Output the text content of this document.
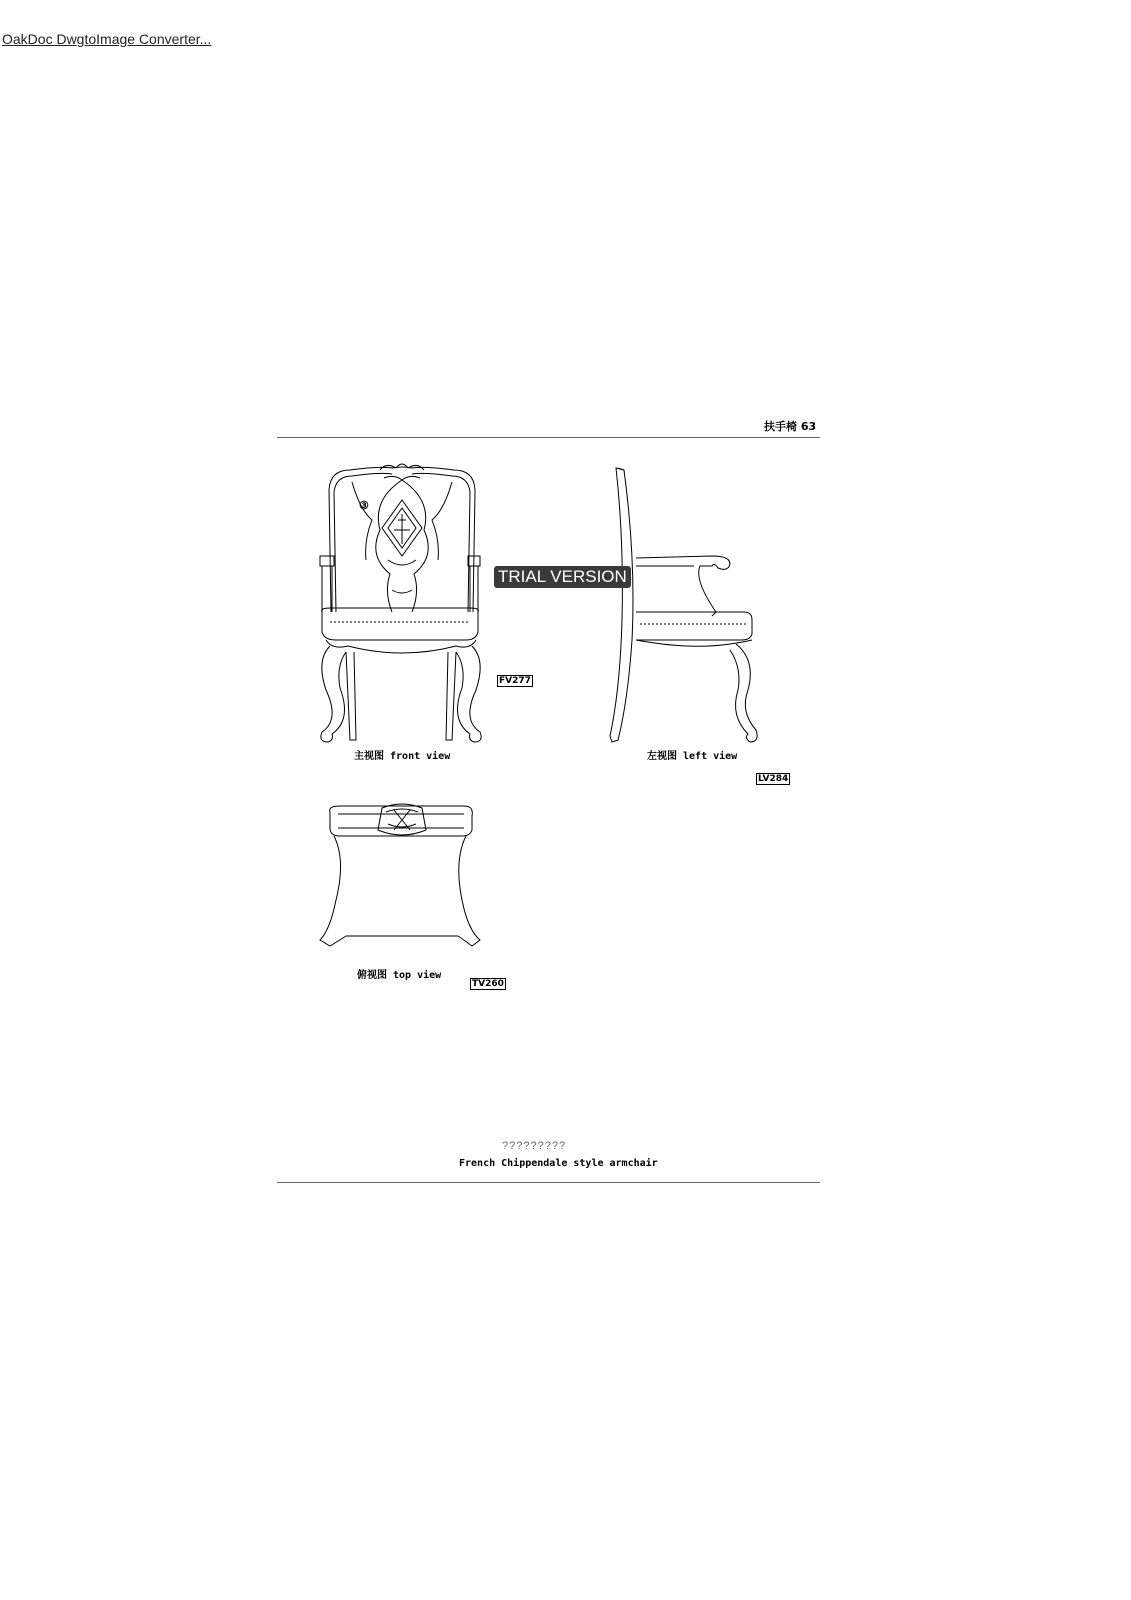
OakDoc DwgtoImage Converter...
扶手椅 63
TRIAL VERSION
③
主视图 front view
FV277
左视图 left view
LV284
俯视图 top view
TV260
?????????
French Chippendale style armchair
